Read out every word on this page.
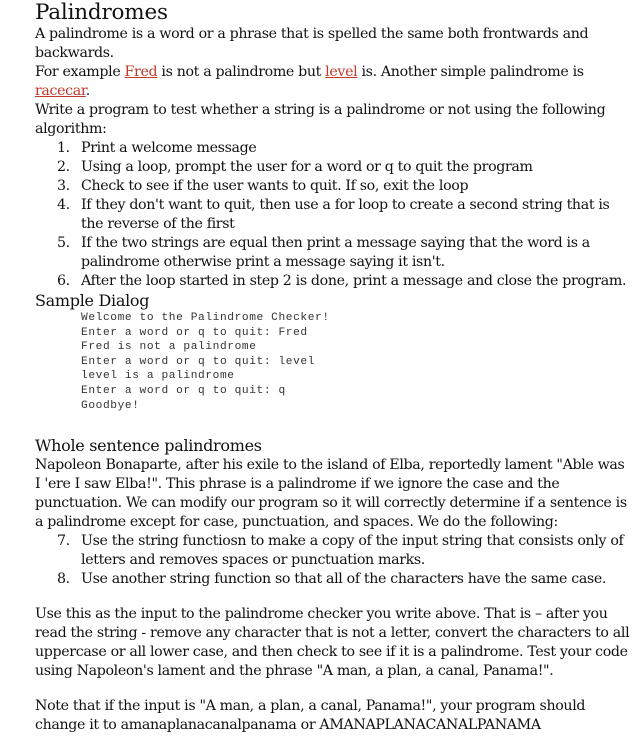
Palindromes

A palindrome is a word or a phrase that is spelled the same both frontwards and backwards.

For example Fred is not a palindrome but level is. Another simple palindrome is racecar.

Write a program to test whether a string is a palindrome or not using the following algorithm:

1. Print a welcome message
2. Using a loop, prompt the user for a word or q to quit the program
3. Check to see if the user wants to quit. If so, exit the loop
4. If they don't want to quit, then use a for loop to create a second string that is the reverse of the first
5. If the two strings are equal then print a message saying that the word is a palindrome otherwise print a message saying it isn't.
6. After the loop started in step 2 is done, print a message and close the program.

Sample Dialog

Welcome to the Palindrome Checker!
Enter a word or q to quit: Fred
Fred is not a palindrome
Enter a word or q to quit: level
level is a palindrome
Enter a word or q to quit: q
Goodbye!

Whole sentence palindromes

Napoleon Bonaparte, after his exile to the island of Elba, reportedly lament "Able was I 'ere I saw Elba!". This phrase is a palindrome if we ignore the case and the punctuation. We can modify our program so it will correctly determine if a sentence is a palindrome except for case, punctuation, and spaces. We do the following:

7. Use the string functiosn to make a copy of the input string that consists only of letters and removes spaces or punctuation marks.
8. Use another string function so that all of the characters have the same case.

Use this as the input to the palindrome checker you write above. That is – after you read the string - remove any character that is not a letter, convert the characters to all uppercase or all lower case, and then check to see if it is a palindrome. Test your code using Napoleon's lament and the phrase "A man, a plan, a canal, Panama!".

Note that if the input is "A man, a plan, a canal, Panama!", your program should change it to amanaplanacanalpanama or AMANAPLANACANALPANAMA
